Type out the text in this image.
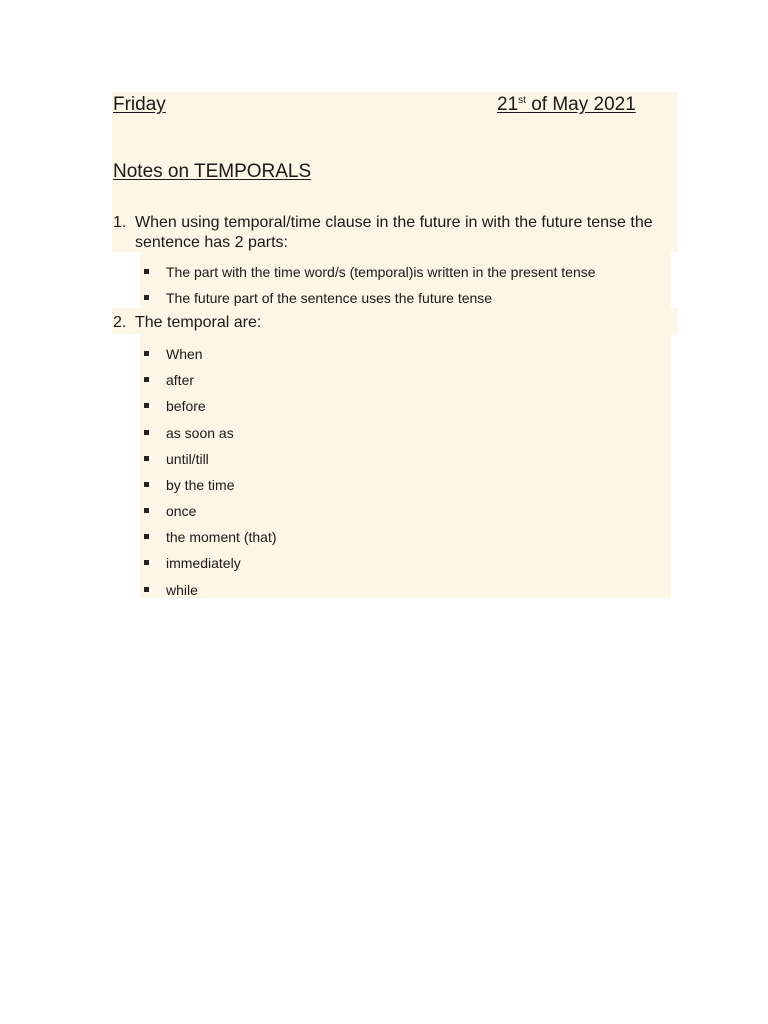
Friday	21st of May 2021
Notes on TEMPORALS
1. When using temporal/time clause in the future in with the future tense the
sentence has 2 parts:
The part with the time word/s (temporal)is written in the present tense
The future part of the sentence uses the future tense
2. The temporal are:
When
after
before
as soon as
until/till
by the time
once
the moment (that)
immediately
while
